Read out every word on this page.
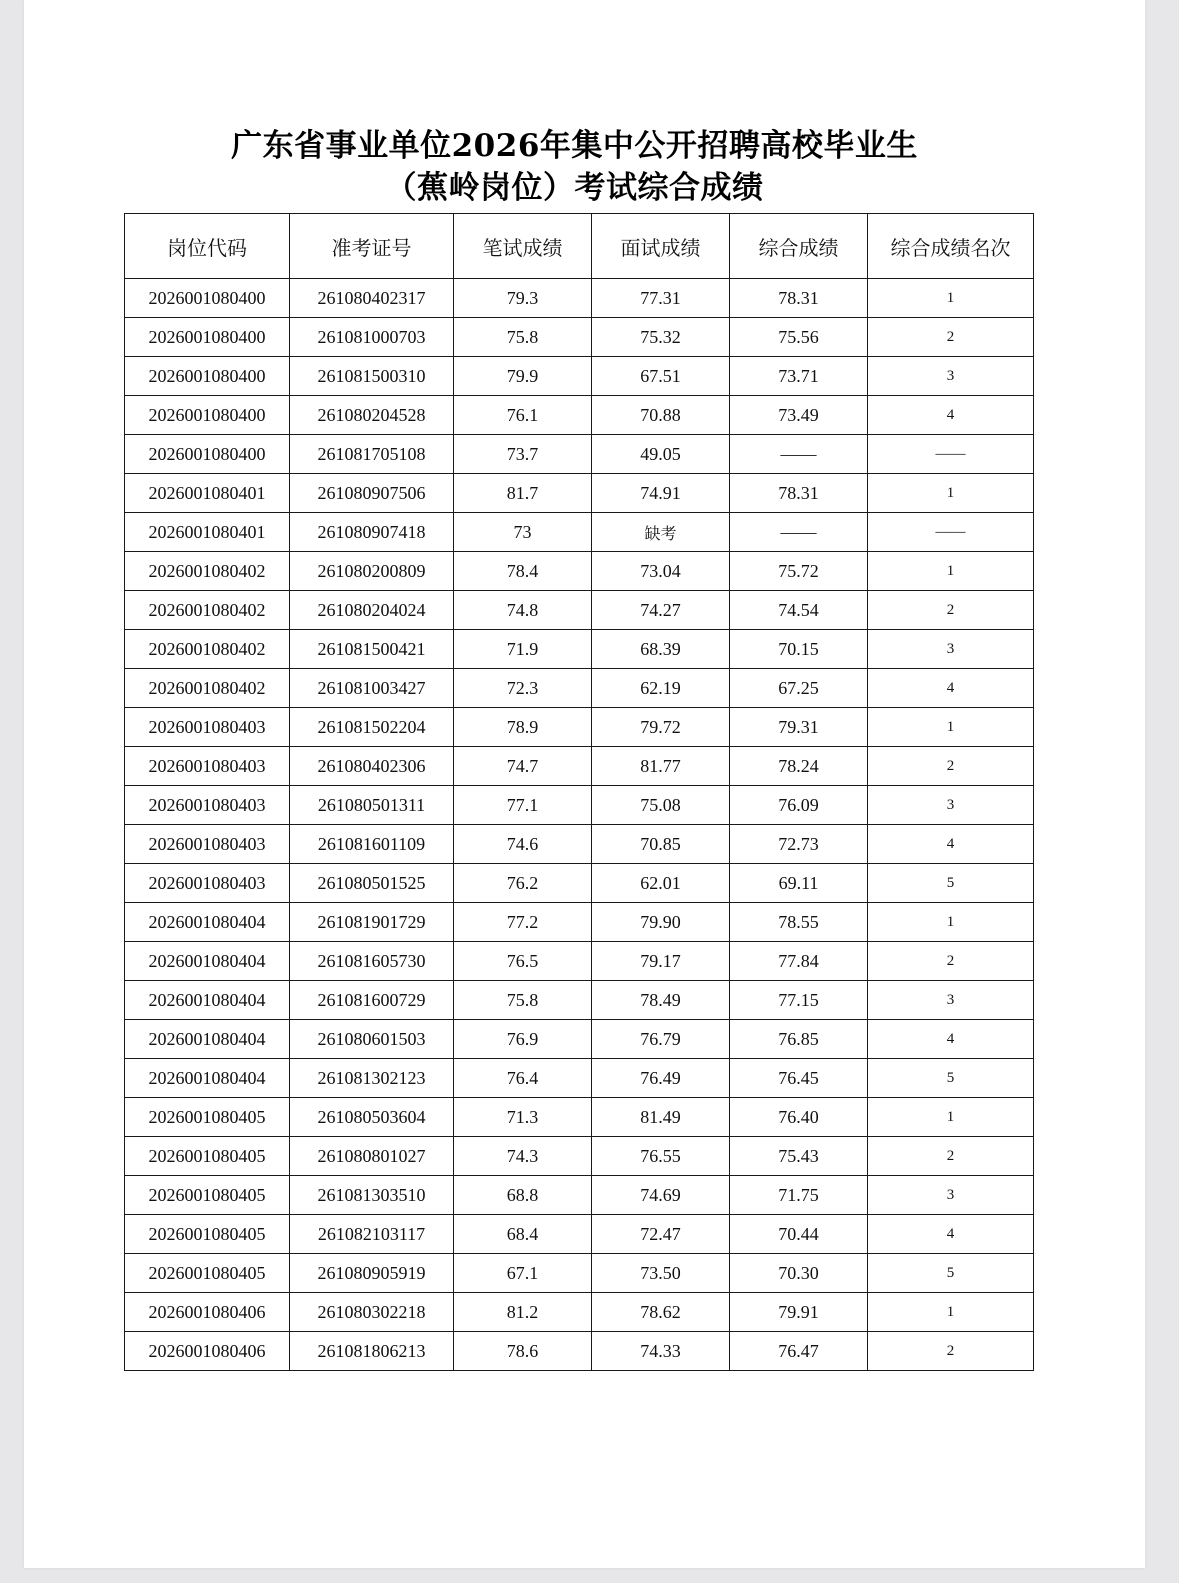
广东省事业单位2026年集中公开招聘高校毕业生
（蕉岭岗位）考试综合成绩
岗位代码	准考证号	笔试成绩	面试成绩	综合成绩	综合成绩名次
2026001080400	261080402317	79.3	77.31	78.31	1
2026001080400	261081000703	75.8	75.32	75.56	2
2026001080400	261081500310	79.9	67.51	73.71	3
2026001080400	261080204528	76.1	70.88	73.49	4
2026001080400	261081705108	73.7	49.05	——	——
2026001080401	261080907506	81.7	74.91	78.31	1
2026001080401	261080907418	73	缺考	——	——
2026001080402	261080200809	78.4	73.04	75.72	1
2026001080402	261080204024	74.8	74.27	74.54	2
2026001080402	261081500421	71.9	68.39	70.15	3
2026001080402	261081003427	72.3	62.19	67.25	4
2026001080403	261081502204	78.9	79.72	79.31	1
2026001080403	261080402306	74.7	81.77	78.24	2
2026001080403	261080501311	77.1	75.08	76.09	3
2026001080403	261081601109	74.6	70.85	72.73	4
2026001080403	261080501525	76.2	62.01	69.11	5
2026001080404	261081901729	77.2	79.90	78.55	1
2026001080404	261081605730	76.5	79.17	77.84	2
2026001080404	261081600729	75.8	78.49	77.15	3
2026001080404	261080601503	76.9	76.79	76.85	4
2026001080404	261081302123	76.4	76.49	76.45	5
2026001080405	261080503604	71.3	81.49	76.40	1
2026001080405	261080801027	74.3	76.55	75.43	2
2026001080405	261081303510	68.8	74.69	71.75	3
2026001080405	261082103117	68.4	72.47	70.44	4
2026001080405	261080905919	67.1	73.50	70.30	5
2026001080406	261080302218	81.2	78.62	79.91	1
2026001080406	261081806213	78.6	74.33	76.47	2
